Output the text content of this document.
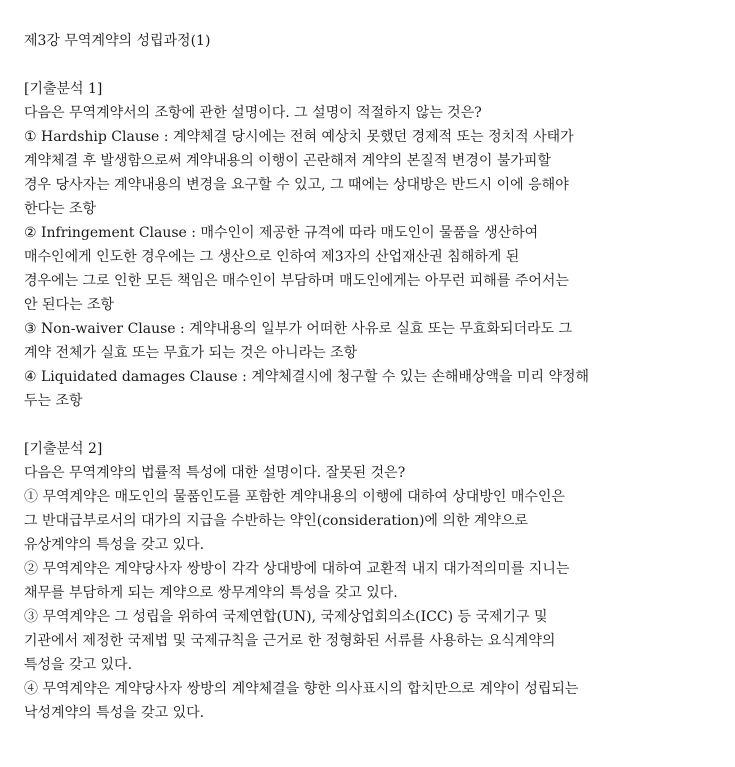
제3강 무역계약의 성립과정(1)
[기출분석 1]
다음은 무역계약서의 조항에 관한 설명이다. 그 설명이 적절하지 않는 것은?
① Hardship Clause : 계약체결 당시에는 전혀 예상치 못했던 경제적 또는 정치적 사태가
계약체결 후 발생함으로써 계약내용의 이행이 곤란해져 계약의 본질적 변경이 불가피할
경우 당사자는 계약내용의 변경을 요구할 수 있고, 그 때에는 상대방은 반드시 이에 응해야
한다는 조항
② Infringement Clause : 매수인이 제공한 규격에 따라 매도인이 물품을 생산하여
매수인에게 인도한 경우에는 그 생산으로 인하여 제3자의 산업재산권 침해하게 된
경우에는 그로 인한 모든 책임은 매수인이 부담하며 매도인에게는 아무런 피해를 주어서는
안 된다는 조항
③ Non-waiver Clause : 계약내용의 일부가 어떠한 사유로 실효 또는 무효화되더라도 그
계약 전체가 실효 또는 무효가 되는 것은 아니라는 조항
④ Liquidated damages Clause : 계약체결시에 청구할 수 있는 손해배상액을 미리 약정해
두는 조항
[기출분석 2]
다음은 무역계약의 법률적 특성에 대한 설명이다. 잘못된 것은?
① 무역계약은 매도인의 물품인도를 포함한 계약내용의 이행에 대하여 상대방인 매수인은
그 반대급부로서의 대가의 지급을 수반하는 약인(consideration)에 의한 계약으로
유상계약의 특성을 갖고 있다.
② 무역계약은 계약당사자 쌍방이 각각 상대방에 대하여 교환적 내지 대가적의미를 지니는
채무를 부담하게 되는 계약으로 쌍무계약의 특성을 갖고 있다.
③ 무역계약은 그 성립을 위하여 국제연합(UN), 국제상업회의소(ICC) 등 국제기구 및
기관에서 제정한 국제법 및 국제규칙을 근거로 한 정형화된 서류를 사용하는 요식계약의
특성을 갖고 있다.
④ 무역계약은 계약당사자 쌍방의 계약체결을 향한 의사표시의 합치만으로 계약이 성립되는
낙성계약의 특성을 갖고 있다.
